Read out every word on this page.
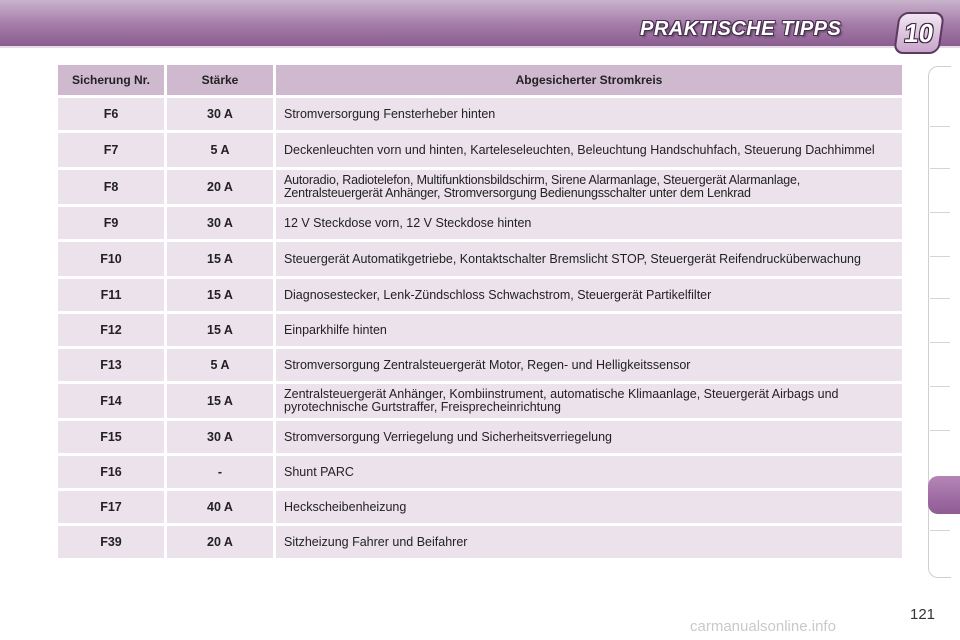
PRAKTISCHE TIPPS	10
Sicherung Nr.	Stärke	Abgesicherter Stromkreis
F6	30 A	Stromversorgung Fensterheber hinten
F7	5 A	Deckenleuchten vorn und hinten, Karteleseleuchten, Beleuchtung Handschuhfach, Steuerung Dachhimmel
F8	20 A	Autoradio, Radiotelefon, Multifunktionsbildschirm, Sirene Alarmanlage, Steuergerät Alarmanlage, Zentralsteuergerät Anhänger, Stromversorgung Bedienungsschalter unter dem Lenkrad
F9	30 A	12 V Steckdose vorn, 12 V Steckdose hinten
F10	15 A	Steuergerät Automatikgetriebe, Kontaktschalter Bremslicht STOP, Steuergerät Reifendrucküberwachung
F11	15 A	Diagnosestecker, Lenk-Zündschloss Schwachstrom, Steuergerät Partikelfilter
F12	15 A	Einparkhilfe hinten
F13	5 A	Stromversorgung Zentralsteuergerät Motor, Regen- und Helligkeitssensor
F14	15 A	Zentralsteuergerät Anhänger, Kombiinstrument, automatische Klimaanlage, Steuergerät Airbags und pyrotechnische Gurtstraffer, Freisprecheinrichtung
F15	30 A	Stromversorgung Verriegelung und Sicherheitsverriegelung
F16	-	Shunt PARC
F17	40 A	Heckscheibenheizung
F39	20 A	Sitzheizung Fahrer und Beifahrer
carmanualsonline.info
121
